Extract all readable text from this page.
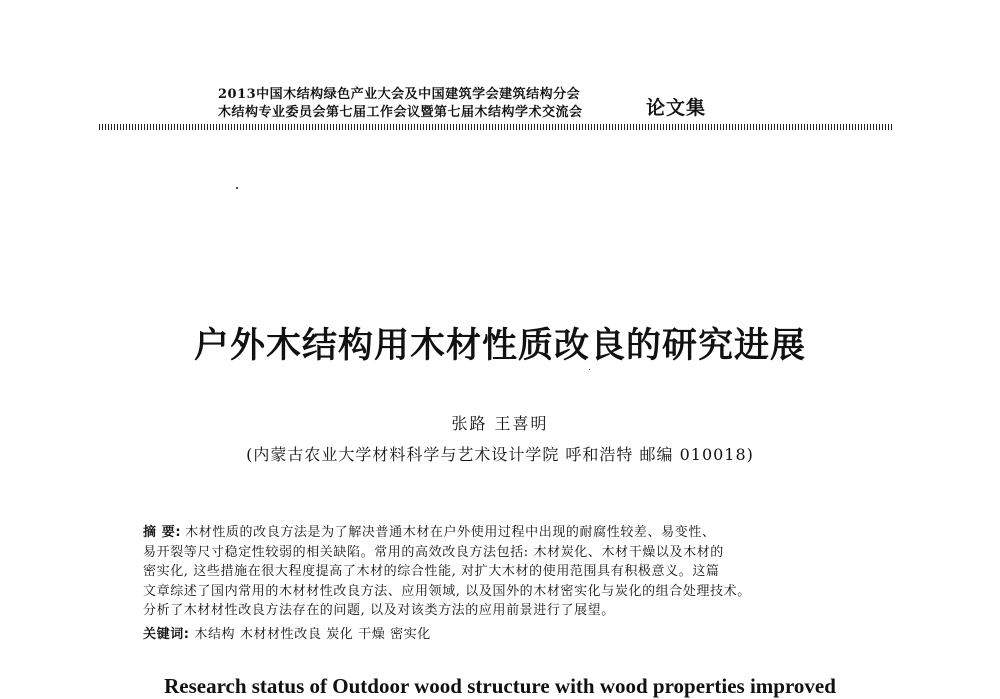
2013中国木结构绿色产业大会及中国建筑学会建筑结构分会
木结构专业委员会第七届工作会议暨第七届木结构学术交流会	论文集
户外木结构用木材性质改良的研究进展
张路 王喜明
(内蒙古农业大学材料科学与艺术设计学院 呼和浩特 邮编 010018)
摘 要: 木材性质的改良方法是为了解决普通木材在户外使用过程中出现的耐腐性较差、易变性、
易开裂等尺寸稳定性较弱的相关缺陷。常用的高效改良方法包括: 木材炭化、木材干燥以及木材的
密实化, 这些措施在很大程度提高了木材的综合性能, 对扩大木材的使用范围具有积极意义。这篇
文章综述了国内常用的木材材性改良方法、应用领域, 以及国外的木材密实化与炭化的组合处理技术。
分析了木材材性改良方法存在的问题, 以及对该类方法的应用前景进行了展望。
关键词: 木结构 木材材性改良 炭化 干燥 密实化
Research status of Outdoor wood structure with wood properties improved
